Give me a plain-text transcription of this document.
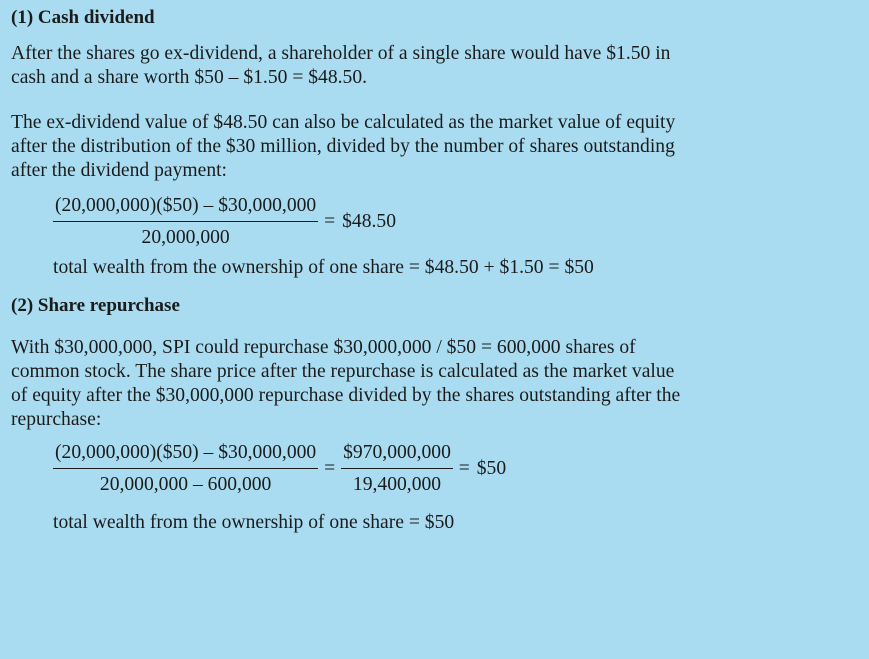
(1) Cash dividend

After the shares go ex-dividend, a shareholder of a single share would have $1.50 in

cash and a share worth $50 – $1.50 = $48.50.

The ex-dividend value of $48.50 can also be calculated as the market value of equity

after the distribution of the $30 million, divided by the number of shares outstanding

after the dividend payment:

$\frac{(20,000,000)(\$50) - \$30,000,000}{20,000,000}$ = $48.50

total wealth from the ownership of one share = $48.50 + $1.50 = $50

(2) Share repurchase

With $30,000,000, SPI could repurchase $30,000,000 / $50 = 600,000 shares of

common stock. The share price after the repurchase is calculated as the market value

of equity after the $30,000,000 repurchase divided by the shares outstanding after the

repurchase:

$\frac{(20,000,000)(\$50) - \$30,000,000}{20,000,000 - 600,000} = \frac{\$970,000,000}{19,400,000}$ = $50

total wealth from the ownership of one share = $50
